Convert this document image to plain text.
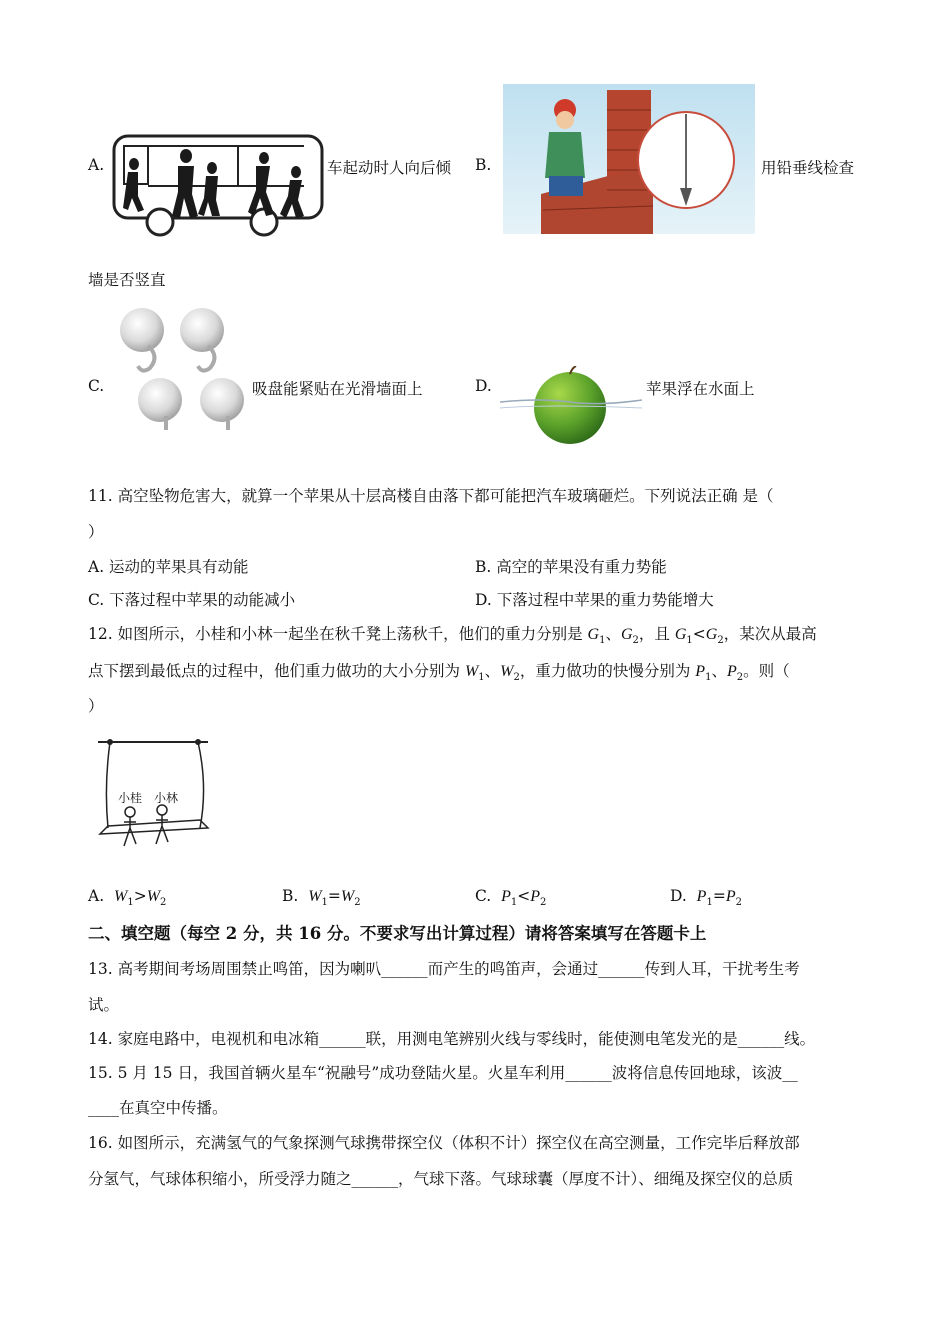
A.	车起动时人向后倾 B.	用铅垂线检查
墙是否竖直
C.	吸盘能紧贴在光滑墙面上	D.	苹果浮在水面上
11. 高空坠物危害大，就算一个苹果从十层高楼自由落下都可能把汽车玻璃砸烂。下列说法正确 是（
）
A. 运动的苹果具有动能	B. 高空的苹果没有重力势能
C. 下落过程中苹果的动能减小	D. 下落过程中苹果的重力势能增大
12. 如图所示，小桂和小林一起坐在秋千凳上荡秋千，他们的重力分别是 $G_1$、$G_2$，且 $G_1<G_2$，某次从最高
点下摆到最低点的过程中，他们重力做功的大小分别为 $W_1$、$W_2$，重力做功的快慢分别为 $P_1$、$P_2$。则（
）
小桂 小林
A. $W_1>W_2$	B. $W_1=W_2$	C. $P_1<P_2$	D. $P_1=P_2$
二、填空题（每空 2 分，共 16 分。不要求写出计算过程）请将答案填写在答题卡上
13. 高考期间考场周围禁止鸣笛，因为喇叭______而产生的鸣笛声，会通过______传到人耳，干扰考生考
试。
14. 家庭电路中，电视机和电冰箱______联，用测电笔辨别火线与零线时，能使测电笔发光的是______线。
15. 5 月 15 日，我国首辆火星车“祝融号”成功登陆火星。火星车利用______波将信息传回地球，该波__
____在真空中传播。
16. 如图所示，充满氢气的气象探测气球携带探空仪（体积不计）探空仪在高空测量，工作完毕后释放部
分氢气，气球体积缩小，所受浮力随之______，气球下落。气球球囊（厚度不计）、细绳及探空仪的总质
